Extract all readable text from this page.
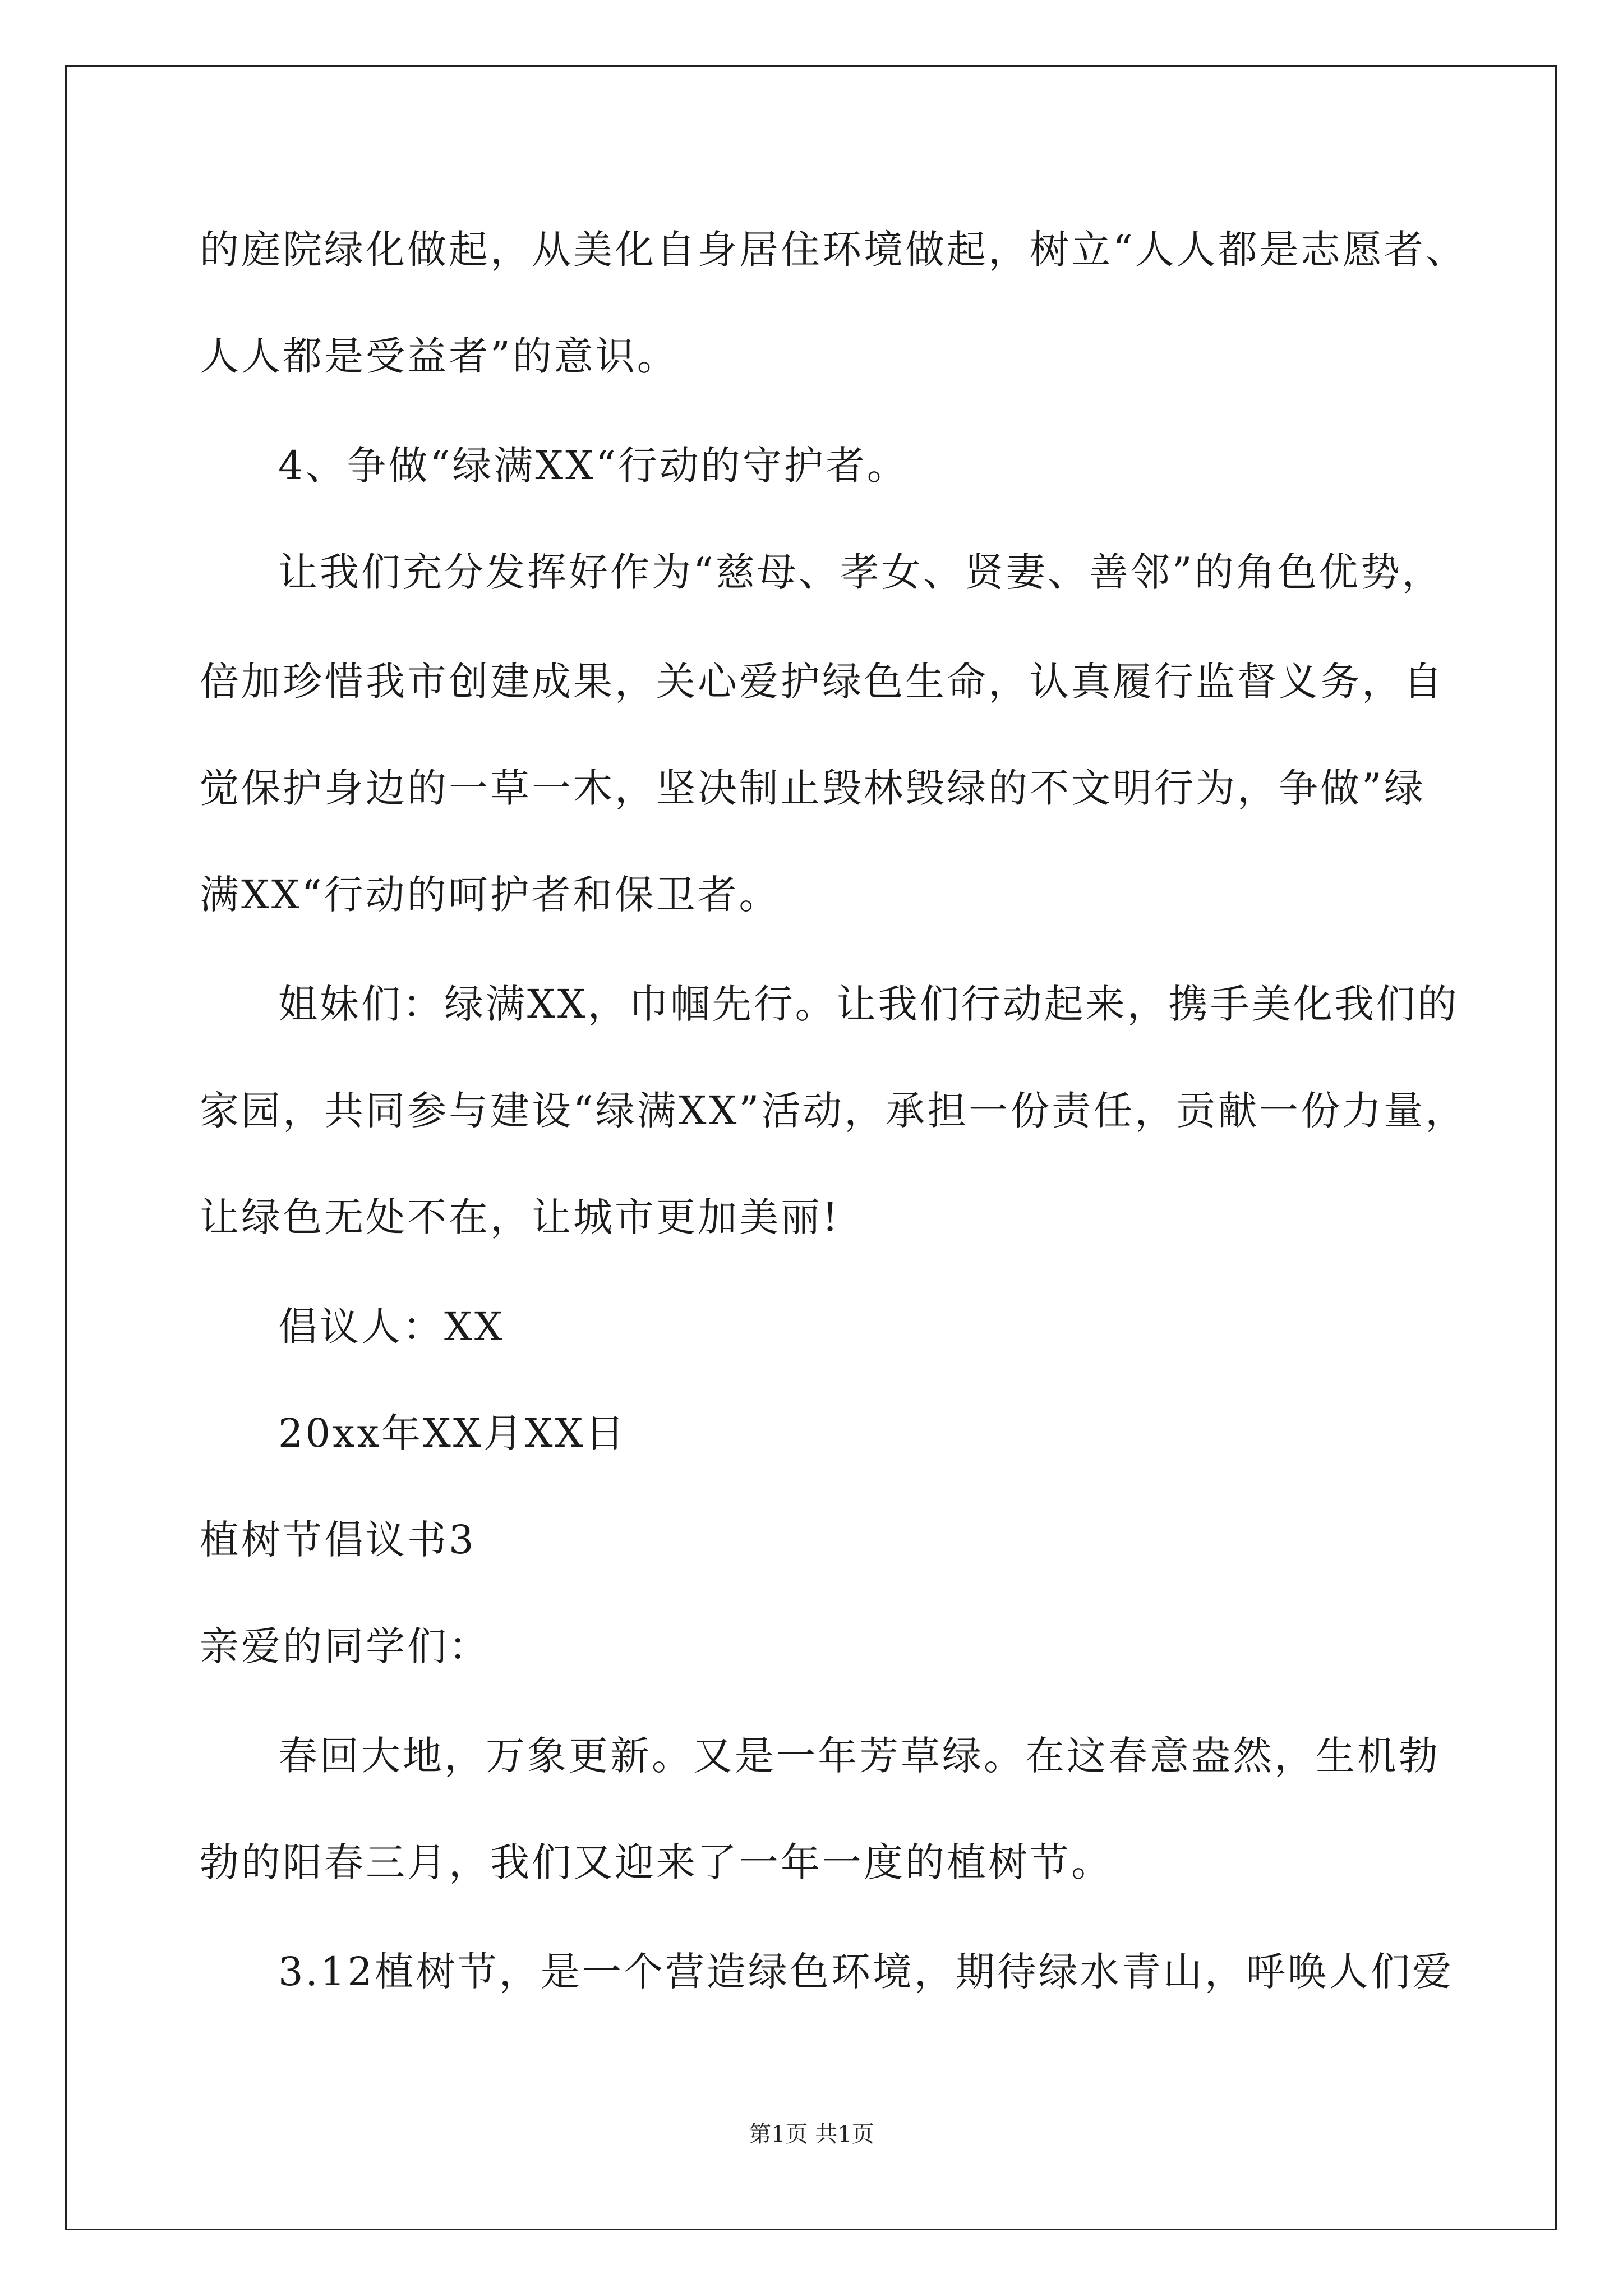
的庭院绿化做起，从美化自身居住环境做起，树立“人人都是志愿者、
人人都是受益者”的意识。
4、争做“绿满XX“行动的守护者。
让我们充分发挥好作为“慈母、孝女、贤妻、善邻”的角色优势，
倍加珍惜我市创建成果，关心爱护绿色生命，认真履行监督义务，自
觉保护身边的一草一木，坚决制止毁林毁绿的不文明行为，争做”绿
满XX“行动的呵护者和保卫者。
姐妹们：绿满XX，巾帼先行。让我们行动起来，携手美化我们的
家园，共同参与建设“绿满XX”活动，承担一份责任，贡献一份力量，
让绿色无处不在，让城市更加美丽!
倡议人：XX
20xx年XX月XX日
植树节倡议书3
亲爱的同学们：
春回大地，万象更新。又是一年芳草绿。在这春意盎然，生机勃
勃的阳春三月，我们又迎来了一年一度的植树节。
3.12植树节，是一个营造绿色环境，期待绿水青山，呼唤人们爱
第1页 共1页
